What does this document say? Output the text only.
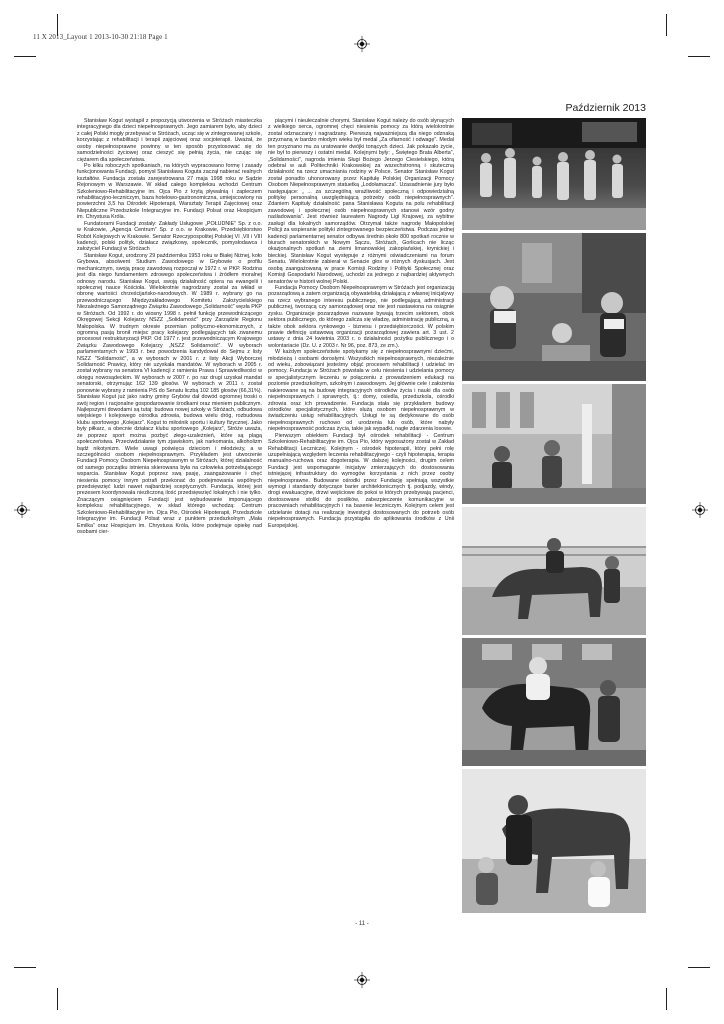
11 X 2013_Layout 1 2013-10-30 21:18 Page 1
Październik 2013

Stanisław Kogut wystąpił z propozycją utworzenia w Stróżach miasteczka integracyjnego dla dzieci niepełnosprawnych. Jego zamiarem było, aby dzieci z całej Polski mogły przebywać w Stróżach, ucząc się w zintegrowanej szkole, korzystając z rehabilitacji i terapii zajęciowej oraz socjoterapii. Uważał, że osoby niepełnosprawne powinny w ten sposób przystosować się do samodzielności życiowej oraz cieszyć się pełnią życia, nie czując się ciężarem dla społeczeństwa.

Po kilku roboczych spotkaniach, na których wypracowano formę i zasady funkcjonowania Fundacji, pomysł Stanisława Koguta zaczął nabierać realnych kształtów. Fundacja została zarejestrowana 27 maja 1998 roku w Sądzie Rejonowym w Warszawie. W skład całego kompleksu wchodzi Centrum Szkoleniowo-Rehabilitacyjne im. Ojca Pio z krytą pływalnią i zapleczem rehabilitacyjno-leczniczym, baza hotelowo-gastronomiczna, umiejscowiony na powierzchni 3,5 ha Ośrodek Hipoterapii, Warsztaty Terapii Zajęciowej oraz Niepubliczne Przedszkole Integracyjne im. Fundacji Polsat oraz Hospicjum im. Chrystusa Króla.

Fundatorami Fundacji zostały: Zakłady Usługowe „POŁUDNIE” Sp. z o.o. w Krakowie, „Agencja Centrum” Sp. z o.o. w Krakowie, Przedsiębiorstwo Robót Kolejowych w Krakowie. Senator Rzeczypospolitej Polskiej VI ,VII i VIII kadencji, polski polityk, działacz związkowy, społecznik, pomysłodawca i założyciel Fundacji w Stróżach

Stanisław Kogut, urodzony 29 października 1953 roku w Białej Niżnej, koło Grybowa, absolwent Studium Zawodowego w Grybowie o profilu mechanicznym, swoją pracę zawodową rozpoczął w 1972 r. w PKP. Rodzina jest dla niego fundamentem zdrowego społeczeństwa i źródłem moralnej odnowy narodu. Stanisław Kogut, swoją działalność opiera na ewangelii i społecznej nauce Kościoła. Wielokrotnie nagrodzany został za wkład w obronę wartości chrześcijańsko-narodowych. W 1989 r. wybrany go na przewodniczącego Międzyzakładowego Komitetu Założycielskiego Niezależnego Samorządnego Związku Zawodowego „Solidarność” węzła PKP w Stróżach. Od 1992 r. do wiosny 1998 r. pełnił funkcję przewodniczącego Okręgowej Sekcji Kolejarzy NSZZ „Solidarność” przy Zarządzie Regionu Małopolska. W trudnym okresie przemian polityczno-ekonomicznych, z ogromną pasją bronił miejsc pracy kolejarzy podlegających tak zwanemu procesowi restrukturyzacji PKP. Od 1977 r. jest przewodniczącym Krajowego Związku Zawodowego Kolejarzy „NSZZ Solidarność”. W wyborach parlamentarnych w 1993 r. bez powodzenia kandydował do Sejmu z listy NSZZ "Solidarność", a w wyborach w 2001 r. z listy Akcji Wyborczej Solidarność Prawicy, który nie uzyskała mandatów. W wyborach w 2005 r. został wybrany na senatora VI kadencji z ramienia Prawa i Sprawiedliwości w okręgu nowosądeckim. W wyborach w 2007 r. po raz drugi uzyskał mandat senatorski, otrzymując 162 139 głosów. W wyborach w 2011 r. został ponownie wybrany z ramienia PiS do Senatu liczbą 102 185 głosów (66,31%). Stanisław Kogut już jako radny gminy Grybów dał dowód ogromnej troski o swój region i racjonalne gospodarowanie środkami oraz mieniem publicznym. Najlepszymi dowodami są tutaj: budowa nowej szkoły w Stróżach, odbudowa wiejskiego i kolejowego ośrodka zdrowia, budowa wielu dróg, rozbudowa klubu sportowego „Kolejarz”. Kogut to miłośnik sportu i kultury fizycznej. Jako były piłkarz, a obecnie działacz klubu sportowego „Kolejarz”, Stróże uważa, że poprzez sport można pozbyć złego-uzależnień, które są plagą społeczeństwa. Przeciwdziałanie tym zjawiskom, jak narkomania, alkoholizm bądź nikotynizm. Wiele uwagi poświęca dzieciom i młodzieży, a w szczególności osobom niepełnosprawnym. Przykładem jest utworzenie Fundacji Pomocy Osobom Niepełnosprawnym w Stróżach, której działalność od samego początku istnienia skierowana była na człowieka potrzebującego wsparcia. Stanisław Kogut poprzez swą pasję, zaangażowanie i chęć niesienia pomocy innym potrafi przekonać do podejmowania wspólnych przedsięwzięć ludzi nawet najbardziej sceptycznych. Fundacja, której jest prezesem koordynowała niezliczoną ilość przedsięwzięć lokalnych i nie tylko. Znaczącym osiągnięciem Fundacji jest wybudowanie imponującego kompleksu rehabilitacyjnego, w skład którego wchodzą: Centrum Szkoleniowo-Rehabilitacyjne im. Ojca Pio, Ośrodek Hipoterapii, Przedszkole Integracyjne im. Fundacji Polsat wraz z punktem przedszkolnym „Mała Emilka” oraz Hospicjum im. Chrystusa Króla, które podejmuje opiekę nad osobami cier-

piącymi i nieuleczalnie chorymi. Stanisław Kogut należy do osób słynących z wielkiego serca, ogromnej chęci niesienia pomocy za którą wielokrotnie został odznaczany i nagradzany. Pierwszą najważniejszą dla niego odznaką przyznaną w bardzo młodym wieku był medal „Za ofiarność i odwagę”. Medal ten przyznano mu za uratowanie dwójki tonących dzieci. Jak pokazało życie, nie był to pierwszy i ostatni medal. Kolejnymi były: „ Świętego Brata Alberta”, „Solidarności”, nagroda imienia Sługi Bożego Jerzego Ciesielskiego, którą odebrał w auli Politechniki Krakowskiej za wszechstronną i skuteczną działalność na rzecz umacniania rodziny w Polsce. Senator Stanisław Kogut został ponadto uhonorowany przez Kapitułę Polskiej Organizacji Pomocy Osobom Niepełnosprawnym statuetką „Lodołamacza”. Uzasadnienie jury było następujące: „ ... za szczególną wrażliwość społeczną i odpowiedzialną politykę personalną uwzględniającą potrzeby osób niepełnosprawnych”. Zdaniem Kapituły działalność pana Stanisława Koguta na polu rehabilitacji zawodowej i społecznej osób niepełnosprawnych stanowi wzór godny naśladowania”. Jest również laureatem Nagrody Ligi Krajowej, za wybitne zasługi dla lokalnych samorządów. Otrzymał także nagrodę Małopolskiej Policji za wspieranie polityki zintegrowanego bezpieczeństwa. Podczas jednej kadencji parlamentarnej senator odbywa średnio około 800 spotkań rocznie w biurach senatorskich w Nowym Sączu, Stróżach, Gorlicach nie licząc okazjonalnych spotkań na ziemi limanowskiej zakopiańskiej, krynickiej i bieckiej. Stanisław Kogut występuje z różnymi oświadczeniami na forum Senatu. Wielokrotnie zabierał w Senacie głos w różnych dyskusjach. Jest osobą zaangażowaną w prace Komisji Rodziny i Polityki Społecznej oraz Komisji Gospodarki Narodowej, uchodzi za jednego z najbardziej aktywnych senatorów w historii wolnej Polski.

Fundacja Pomocy Osobom Niepełnosprawnym w Stróżach jest organizacją pozarządową a zatem organizacją obywatelską działającą z własnej inicjatywy na rzecz wybranego interesu publicznego, nie podlegającą administracji publicznej, tworzącą czy samorządowej oraz nie jest nastawiona na osiągnie zysku. Organizacje pozarządowe nazwane bywają trzecim sektorem, obok sektora publicznego, do którego zalicza się władzę, administrację publiczną, a także obok sektora rynkowego - biznesu i przedsiębiorczości. W polskim prawie definicję ustawową organizacji pozarządowej zawiera art. 3 ust. 2 ustawy z dnia 24 kwietnia 2003 r. o działalności pożytku publicznego i o wolontariacie (Dz. U. z 2003 r. Nr 96, poz. 873, ze zm.).

W każdym społeczeństwie spotykamy się z niepełnosprawnymi dziećmi, młodzieżą i osobami dorosłymi. Wszystkich niepełnosprawnych, niezależnie od wieku, zobowiązani jesteśmy objąć procesem rehabilitacji i udzielać im pomocy. Fundacja w Stróżach powstała w celu niesienia i udzielania pomocy w specjalistycznym leczeniu w połączeniu z prowadzeniem edukacji na poziomie przedszkolnym, szkolnym i zawodowym. Jej głównie cele i założenia nakierowane są na budowę integracyjnych ośrodków życia i nauki dla osób niepełnosprawnych i sprawnych, tj.: domy, osiedla, przedszkola, ośrodki zdrowia oraz ich prowadzenie. Fundacja stała się przykładem budowy ośrodków specjalistycznych, które służą osobom niepełnosprawnym w świadczeniu usług rehabilitacyjnych. Usługi te są dedykowane do osób niepełnosprawnych ruchowo od urodzenia lub osób, które nabyły niepełnosprawność podczas życia, takie jak wypadki, nagłe zdarzenia losowe.

Pierwszym obiektem Fundacji był ośrodek rehabilitacji - Centrum Szkoleniowo-Rehabilitacyjne im. Ojca Pio, który wyposażony został w Zakład Rehabilitacji Leczniczej. Kolejnym - ośrodek hipoterapii, który pełni rolę uzupełniającą względem leczenia rehabilitacyjnego - czyli hipoterapia, terapia manualno-ruchowa oraz dogoterapia. W dalszej kolejności, drugim celem Fundacji jest wspomaganie inicjatyw zmierzających do dostosowania istniejącej infrastruktury do wymogów korzystania z nich przez osoby niepełnosprawne. Budowane ośrodki przez Fundację spełniają wszystkie wymogi i standardy dotyczące barier architektonicznych tj. podjazdy, windy, drogi ewakuacyjne, drzwi wejściowe do pokoi w których przebywają pacjenci, dostosowane stoliki do posiłków, zabezpieczenie komunikacyjne w pracowniach rehabilitacyjnych i na basenie leczniczym. Kolejnym celem jest udzielanie dotacji na realizację inwestycji dostosowanych do potrzeb osób niepełnosprawnych. Fundacja przystąpiła do aplikowania środków z Unii Europejskiej.

- 11 -
